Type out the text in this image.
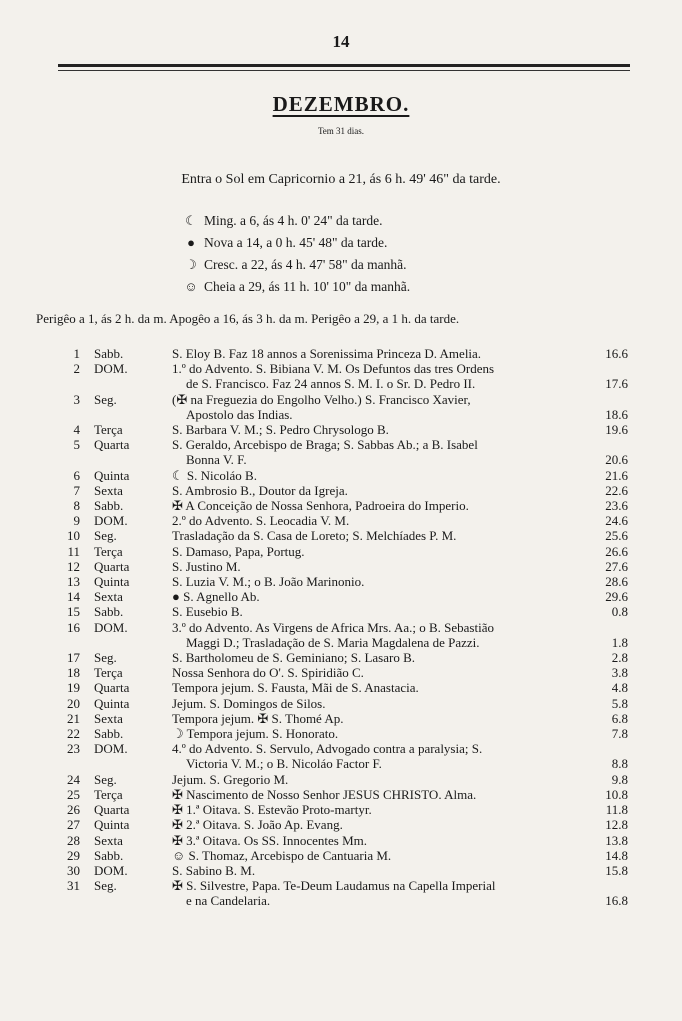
14
DEZEMBRO.
Tem 31 dias.
Entra o Sol em Capricornio a 21, ás 6 h. 49' 46" da tarde.
☾ Ming. a 6, ás 4 h. 0' 24" da tarde.
● Nova a 14, a 0 h. 45' 48" da tarde.
☽ Cresc. a 22, ás 4 h. 47' 58" da manhã.
☺ Cheia a 29, ás 11 h. 10' 10" da manhã.
Perigêo a 1, ás 2 h. da m. Apogêo a 16, ás 3 h. da m. Perigêo a 29, a 1 h. da tarde.
1	Sabb.	S. Eloy B. Faz 18 annos a Sorenissima Princeza D. Amelia.	16.6
2	DOM.	1.º do Advento. S. Bibiana V. M. Os Defuntos das tres Ordens
de S. Francisco. Faz 24 annos S. M. I. o Sr. D. Pedro II.	17.6
3	Seg.	(✠ na Freguezia do Engolho Velho.) S. Francisco Xavier,
Apostolo das Indias.	18.6
4	Terça	S. Barbara V. M.; S. Pedro Chrysologo B.	19.6
5	Quarta	S. Geraldo, Arcebispo de Braga; S. Sabbas Ab.; a B. Isabel
Bonna V. F.	20.6
6	Quinta	☾ S. Nicoláo B.	21.6
7	Sexta	S. Ambrosio B., Doutor da Igreja.	22.6
8	Sabb.	✠ A Conceição de Nossa Senhora, Padroeira do Imperio.	23.6
9	DOM.	2.º do Advento. S. Leocadia V. M.	24.6
10	Seg.	Trasladação da S. Casa de Loreto; S. Melchíades P. M.	25.6
11	Terça	S. Damaso, Papa, Portug.	26.6
12	Quarta	S. Justino M.	27.6
13	Quinta	S. Luzia V. M.; o B. João Marinonio.	28.6
14	Sexta	● S. Agnello Ab.	29.6
15	Sabb.	S. Eusebio B.	0.8
16	DOM.	3.º do Advento. As Virgens de Africa Mrs. Aa.; o B. Sebastião
Maggi D.; Trasladação de S. Maria Magdalena de Pazzi.	1.8
17	Seg.	S. Bartholomeu de S. Geminiano; S. Lasaro B.	2.8
18	Terça	Nossa Senhora do O'. S. Spiridião C.	3.8
19	Quarta	Tempora jejum. S. Fausta, Mãi de S. Anastacia.	4.8
20	Quinta	Jejum. S. Domingos de Silos.	5.8
21	Sexta	Tempora jejum. ✠ S. Thomé Ap.	6.8
22	Sabb.	☽ Tempora jejum. S. Honorato.	7.8
23	DOM.	4.º do Advento. S. Servulo, Advogado contra a paralysia; S.
Victoria V. M.; o B. Nicoláo Factor F.	8.8
24	Seg.	Jejum. S. Gregorio M.	9.8
25	Terça	✠ Nascimento de Nosso Senhor JESUS CHRISTO. Alma.	10.8
26	Quarta	✠ 1.ª Oitava. S. Estevão Proto-martyr.	11.8
27	Quinta	✠ 2.ª Oitava. S. João Ap. Evang.	12.8
28	Sexta	✠ 3.ª Oitava. Os SS. Innocentes Mm.	13.8
29	Sabb.	☺ S. Thomaz, Arcebispo de Cantuaria M.	14.8
30	DOM.	S. Sabino B. M.	15.8
31	Seg.	✠ S. Silvestre, Papa. Te-Deum Laudamus na Capella Imperial
e na Candelaria.	16.8
